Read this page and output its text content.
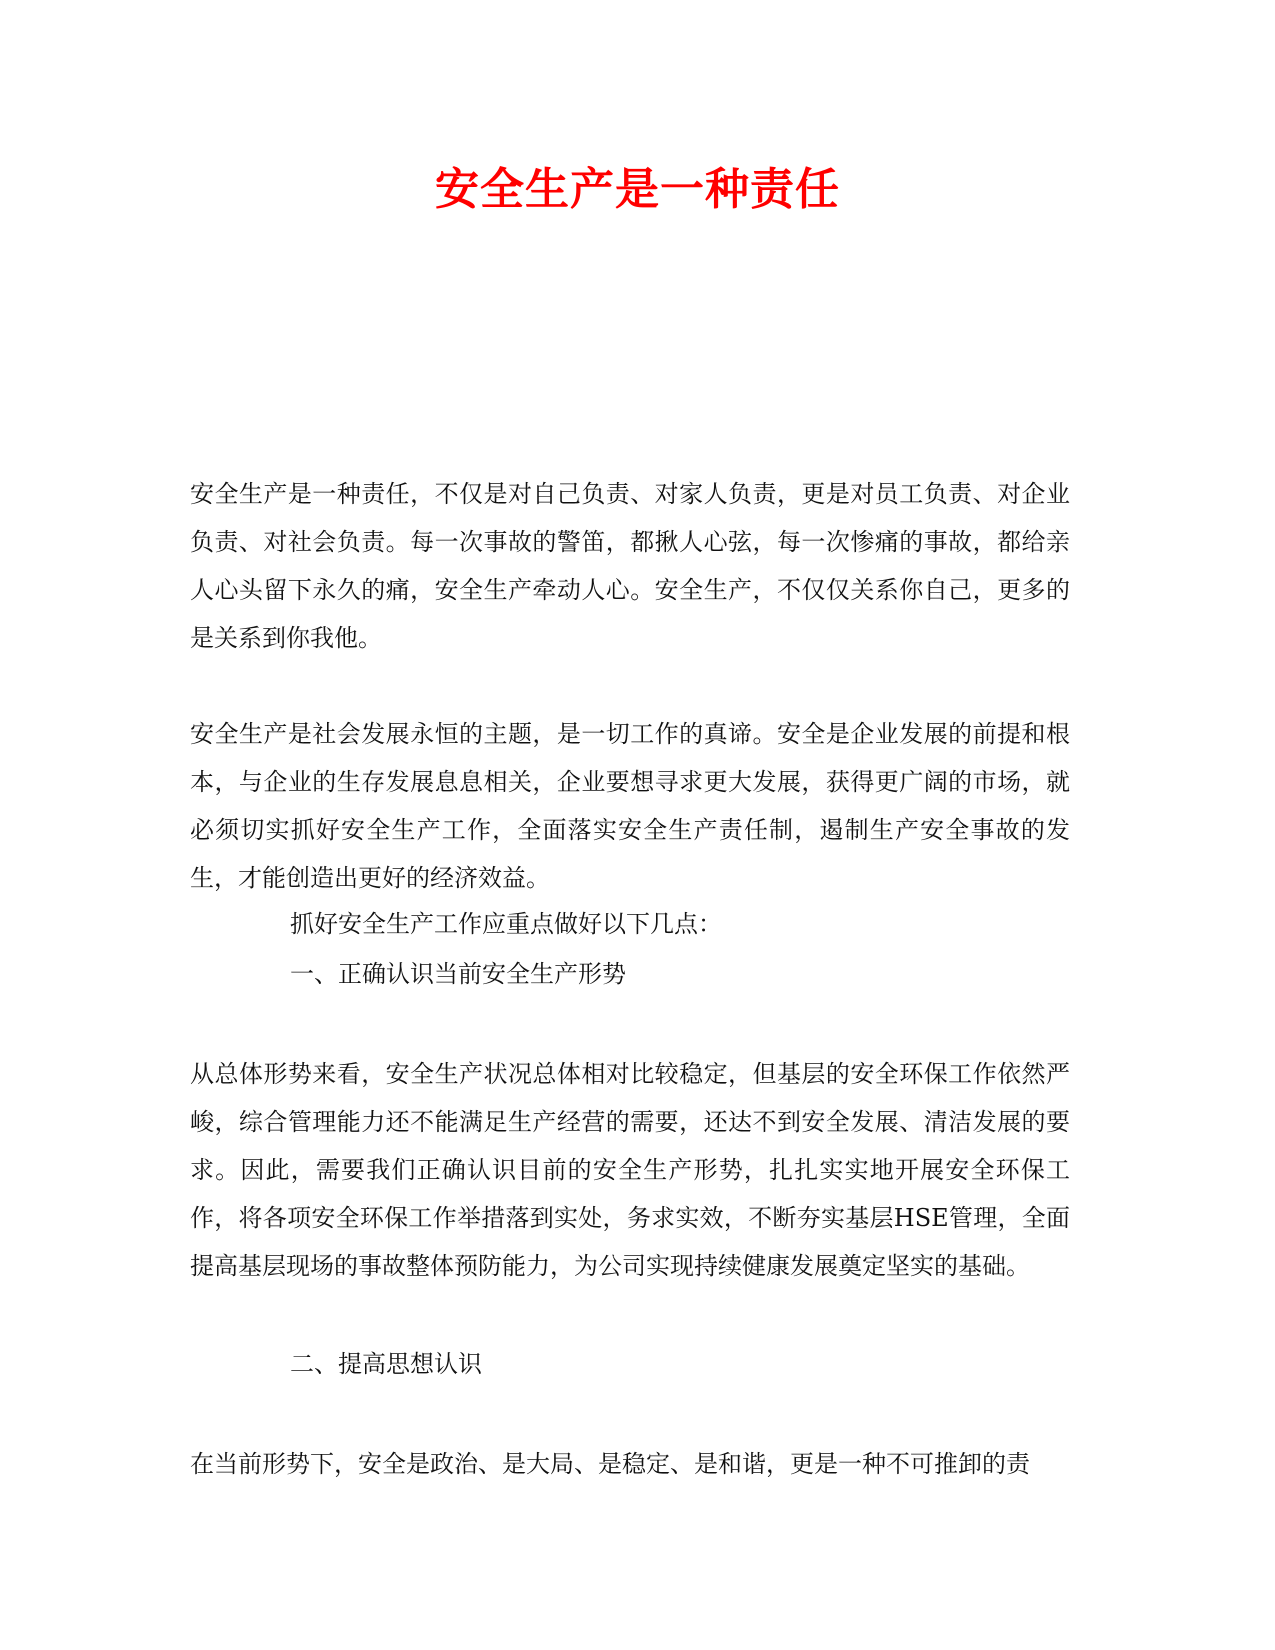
安全生产是一种责任

安全生产是一种责任，不仅是对自己负责、对家人负责，更是对员工负责、对企业负责、对社会负责。每一次事故的警笛，都揪人心弦，每一次惨痛的事故，都给亲人心头留下永久的痛，安全生产牵动人心。安全生产，不仅仅关系你自己，更多的是关系到你我他。

安全生产是社会发展永恒的主题，是一切工作的真谛。安全是企业发展的前提和根本，与企业的生存发展息息相关，企业要想寻求更大发展，获得更广阔的市场，就必须切实抓好安全生产工作，全面落实安全生产责任制，遏制生产安全事故的发生，才能创造出更好的经济效益。

抓好安全生产工作应重点做好以下几点：

一、正确认识当前安全生产形势

从总体形势来看，安全生产状况总体相对比较稳定，但基层的安全环保工作依然严峻，综合管理能力还不能满足生产经营的需要，还达不到安全发展、清洁发展的要求。因此，需要我们正确认识目前的安全生产形势，扎扎实实地开展安全环保工作，将各项安全环保工作举措落到实处，务求实效，不断夯实基层HSE管理，全面提高基层现场的事故整体预防能力，为公司实现持续健康发展奠定坚实的基础。

二、提高思想认识

在当前形势下，安全是政治、是大局、是稳定、是和谐，更是一种不可推卸的责
